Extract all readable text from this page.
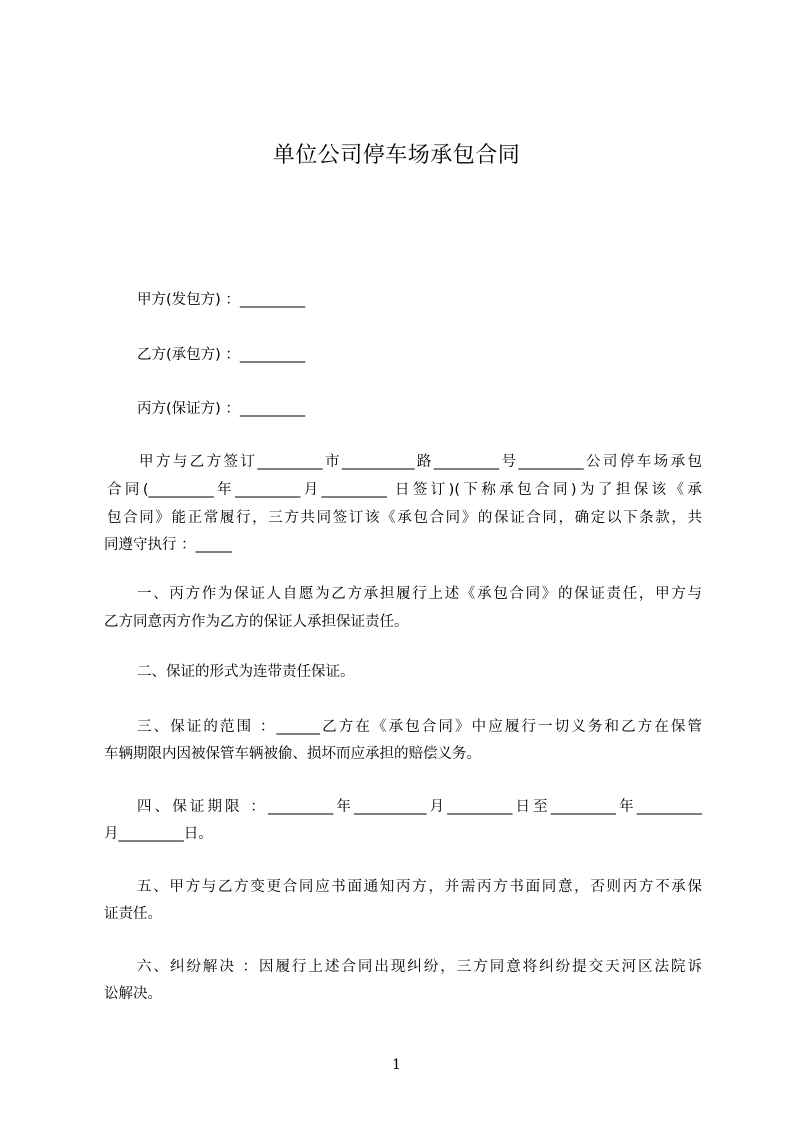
单位公司停车场承包合同
甲方(发包方) ：_________
乙方(承包方) ：_________
丙方(保证方) ：_________
甲方与乙方签订_________市__________路_________号_________公司停车场承包
合同(_________年_________月_________ 日签订)(下称承包合同)为了担保该《承
包合同》能正常履行，三方共同签订该《承包合同》的保证合同，确定以下条款，共
同遵守执行 ：_____
一、丙方作为保证人自愿为乙方承担履行上述《承包合同》的保证责任，甲方与
乙方同意丙方作为乙方的保证人承担保证责任。
二、保证的形式为连带责任保证。
三、保证的范围 ：______乙方在《承包合同》中应履行一切义务和乙方在保管
车辆期限内因被保管车辆被偷、损坏而应承担的赔偿义务。
四、保证期限 ：_________年__________月_________日至_________年_________
月_________日。
五、甲方与乙方变更合同应书面通知丙方，并需丙方书面同意，否则丙方不承保
证责任。
六、纠纷解决 ：因履行上述合同出现纠纷，三方同意将纠纷提交天河区法院诉
讼解决。
1
